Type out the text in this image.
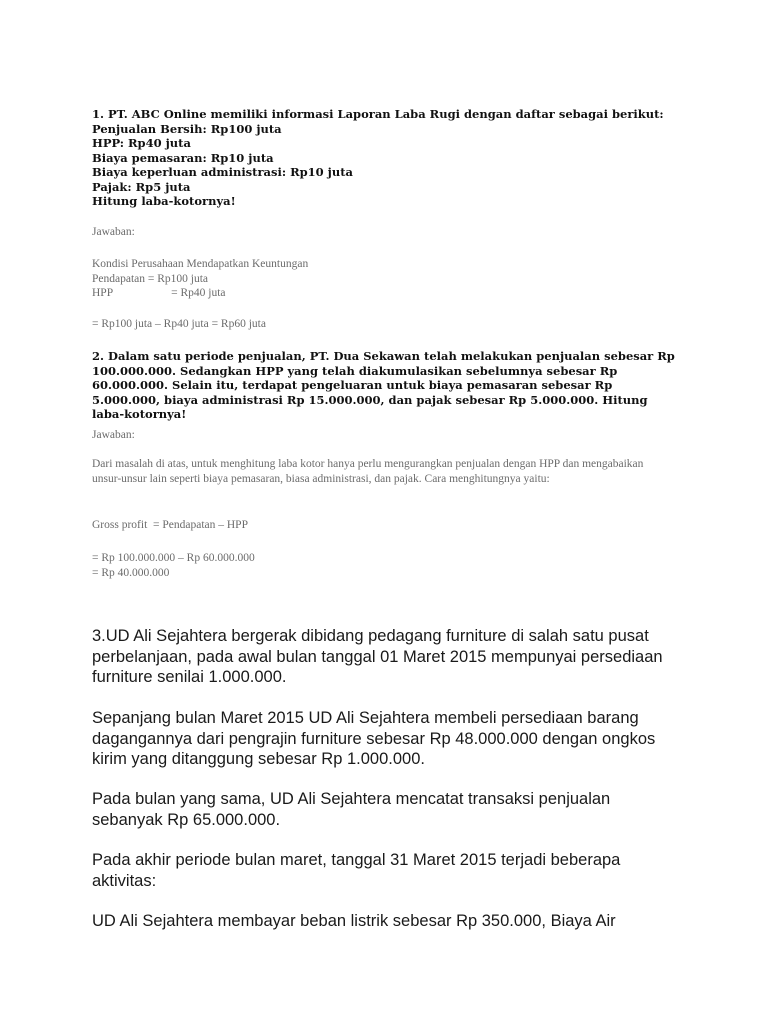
1. PT. ABC Online memiliki informasi Laporan Laba Rugi dengan daftar sebagai berikut:
Penjualan Bersih: Rp100 juta
HPP: Rp40 juta
Biaya pemasaran: Rp10 juta
Biaya keperluan administrasi: Rp10 juta
Pajak: Rp5 juta
Hitung laba-kotornya!
Jawaban:
Kondisi Perusahaan Mendapatkan Keuntungan
Pendapatan = Rp100 juta
HPP	= Rp40 juta
= Rp100 juta – Rp40 juta = Rp60 juta
2. Dalam satu periode penjualan, PT. Dua Sekawan telah melakukan penjualan sebesar Rp 100.000.000. Sedangkan HPP yang telah diakumulasikan sebelumnya sebesar Rp 60.000.000. Selain itu, terdapat pengeluaran untuk biaya pemasaran sebesar Rp 5.000.000, biaya administrasi Rp 15.000.000, dan pajak sebesar Rp 5.000.000. Hitung laba-kotornya!
Jawaban:
Dari masalah di atas, untuk menghitung laba kotor hanya perlu mengurangkan penjualan dengan HPP dan mengabaikan unsur-unsur lain seperti biaya pemasaran, biasa administrasi, dan pajak. Cara menghitungnya yaitu:
Gross profit  = Pendapatan – HPP
= Rp 100.000.000 – Rp 60.000.000
= Rp 40.000.000
3.UD Ali Sejahtera bergerak dibidang pedagang furniture di salah satu pusat perbelanjaan, pada awal bulan tanggal 01 Maret 2015 mempunyai persediaan furniture senilai 1.000.000.
Sepanjang bulan Maret 2015 UD Ali Sejahtera membeli persediaan barang dagangannya dari pengrajin furniture sebesar Rp 48.000.000 dengan ongkos kirim yang ditanggung sebesar Rp 1.000.000.
Pada bulan yang sama, UD Ali Sejahtera mencatat transaksi penjualan sebanyak Rp 65.000.000.
Pada akhir periode bulan maret, tanggal 31 Maret 2015 terjadi beberapa aktivitas:
UD Ali Sejahtera membayar beban listrik sebesar Rp 350.000, Biaya Air
